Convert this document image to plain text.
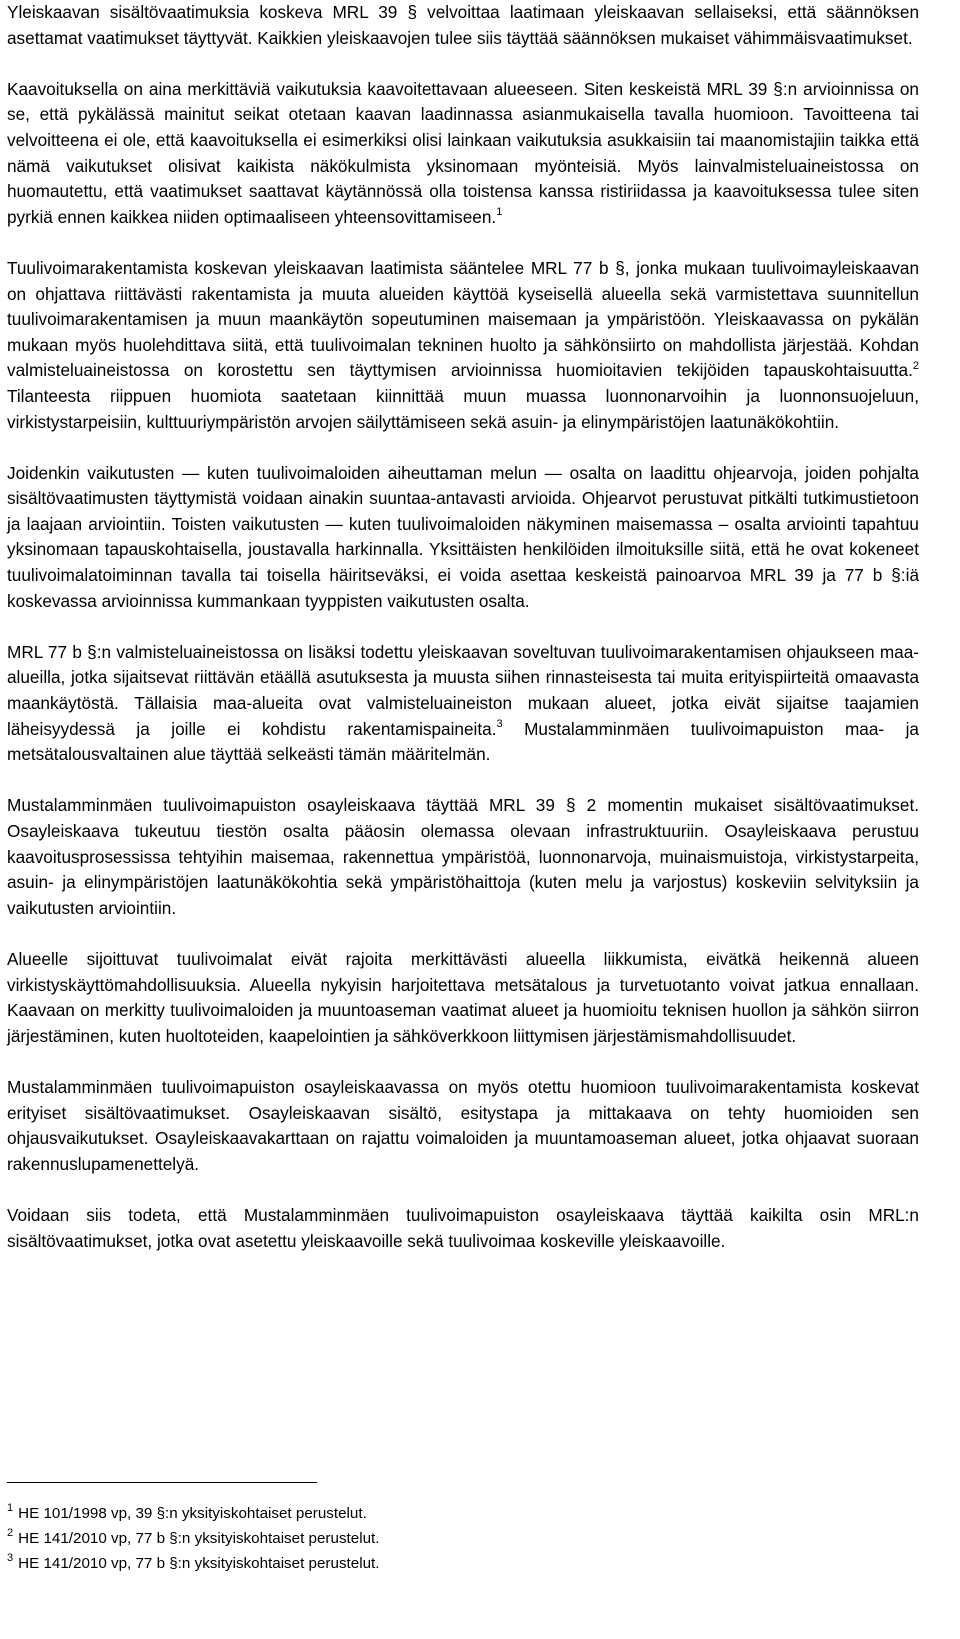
Yleiskaavan sisältövaatimuksia koskeva MRL 39 § velvoittaa laatimaan yleiskaavan sellaiseksi, että säännöksen asettamat vaatimukset täyttyvät. Kaikkien yleiskaavojen tulee siis täyttää säännöksen mukaiset vähimmäisvaatimukset.

Kaavoituksella on aina merkittäviä vaikutuksia kaavoitettavaan alueeseen. Siten keskeistä MRL 39 §:n arvioinnissa on se, että pykälässä mainitut seikat otetaan kaavan laadinnassa asianmukaisella tavalla huomioon. Tavoitteena tai velvoitteena ei ole, että kaavoituksella ei esimerkiksi olisi lainkaan vaikutuksia asukkaisiin tai maanomistajiin taikka että nämä vaikutukset olisivat kaikista näkökulmista yksinomaan myönteisiä. Myös lainvalmisteluaineistossa on huomautettu, että vaatimukset saattavat käytännössä olla toistensa kanssa ristiriidassa ja kaavoituksessa tulee siten pyrkiä ennen kaikkea niiden optimaaliseen yhteensovittamiseen.$^1$

Tuulivoimarakentamista koskevan yleiskaavan laatimista sääntelee MRL 77 b §, jonka mukaan tuulivoimayleiskaavan on ohjattava riittävästi rakentamista ja muuta alueiden käyttöä kyseisellä alueella sekä varmistettava suunnitellun tuulivoimarakentamisen ja muun maankäytön sopeutuminen maisemaan ja ympäristöön. Yleiskaavassa on pykälän mukaan myös huolehdittava siitä, että tuulivoimalan tekninen huolto ja sähkönsiirto on mahdollista järjestää. Kohdan valmisteluaineistossa on korostettu sen täyttymisen arvioinnissa huomioitavien tekijöiden tapauskohtaisuutta.$^2$ Tilanteesta riippuen huomiota saatetaan kiinnittää muun muassa luonnonarvoihin ja luonnonsuojeluun, virkistystarpeisiin, kulttuuriympäristön arvojen säilyttämiseen sekä asuin- ja elinympäristöjen laatunäkökohtiin.

Joidenkin vaikutusten — kuten tuulivoimaloiden aiheuttaman melun — osalta on laadittu ohjearvoja, joiden pohjalta sisältövaatimusten täyttymistä voidaan ainakin suuntaa-antavasti arvioida. Ohjearvot perustuvat pitkälti tutkimustietoon ja laajaan arviointiin. Toisten vaikutusten — kuten tuulivoimaloiden näkyminen maisemassa – osalta arviointi tapahtuu yksinomaan tapauskohtaisella, joustavalla harkinnalla. Yksittäisten henkilöiden ilmoituksille siitä, että he ovat kokeneet tuulivoimalatoiminnan tavalla tai toisella häiritseväksi, ei voida asettaa keskeistä painoarvoa MRL 39 ja 77 b §:iä koskevassa arvioinnissa kummankaan tyyppisten vaikutusten osalta.

MRL 77 b §:n valmisteluaineistossa on lisäksi todettu yleiskaavan soveltuvan tuulivoimarakentamisen ohjaukseen maa-alueilla, jotka sijaitsevat riittävän etäällä asutuksesta ja muusta siihen rinnasteisesta tai muita erityispiirteitä omaavasta maankäytöstä. Tällaisia maa-alueita ovat valmisteluaineiston mukaan alueet, jotka eivät sijaitse taajamien läheisyydessä ja joille ei kohdistu rakentamispaineita.$^3$ Mustalamminmäen tuulivoimapuiston maa- ja metsätalousvaltainen alue täyttää selkeästi tämän määritelmän.

Mustalamminmäen tuulivoimapuiston osayleiskaava täyttää MRL 39 § 2 momentin mukaiset sisältövaatimukset. Osayleiskaava tukeutuu tiestön osalta pääosin olemassa olevaan infrastruktuuriin. Osayleiskaava perustuu kaavoitusprosessissa tehtyihin maisemaa, rakennettua ympäristöä, luonnonarvoja, muinaismuistoja, virkistystarpeita, asuin- ja elinympäristöjen laatunäkökohtia sekä ympäristöhaittoja (kuten melu ja varjostus) koskeviin selvityksiin ja vaikutusten arviointiin.

Alueelle sijoittuvat tuulivoimalat eivät rajoita merkittävästi alueella liikkumista, eivätkä heikennä alueen virkistyskäyttömahdollisuuksia. Alueella nykyisin harjoitettava metsätalous ja turvetuotanto voivat jatkua ennallaan. Kaavaan on merkitty tuulivoimaloiden ja muuntoaseman vaatimat alueet ja huomioitu teknisen huollon ja sähkön siirron järjestäminen, kuten huoltoteiden, kaapelointien ja sähköverkkoon liittymisen järjestämismahdollisuudet.

Mustalamminmäen tuulivoimapuiston osayleiskaavassa on myös otettu huomioon tuulivoimarakentamista koskevat erityiset sisältövaatimukset. Osayleiskaavan sisältö, esitystapa ja mittakaava on tehty huomioiden sen ohjausvaikutukset. Osayleiskaavakarttaan on rajattu voimaloiden ja muuntamoaseman alueet, jotka ohjaavat suoraan rakennuslupamenettelyä.

Voidaan siis todeta, että Mustalamminmäen tuulivoimapuiston osayleiskaava täyttää kaikilta osin MRL:n sisältövaatimukset, jotka ovat asetettu yleiskaavoille sekä tuulivoimaa koskeville yleiskaavoille.

$^1$ HE 101/1998 vp, 39 §:n yksityiskohtaiset perustelut.
$^2$ HE 141/2010 vp, 77 b §:n yksityiskohtaiset perustelut.
$^3$ HE 141/2010 vp, 77 b §:n yksityiskohtaiset perustelut.
